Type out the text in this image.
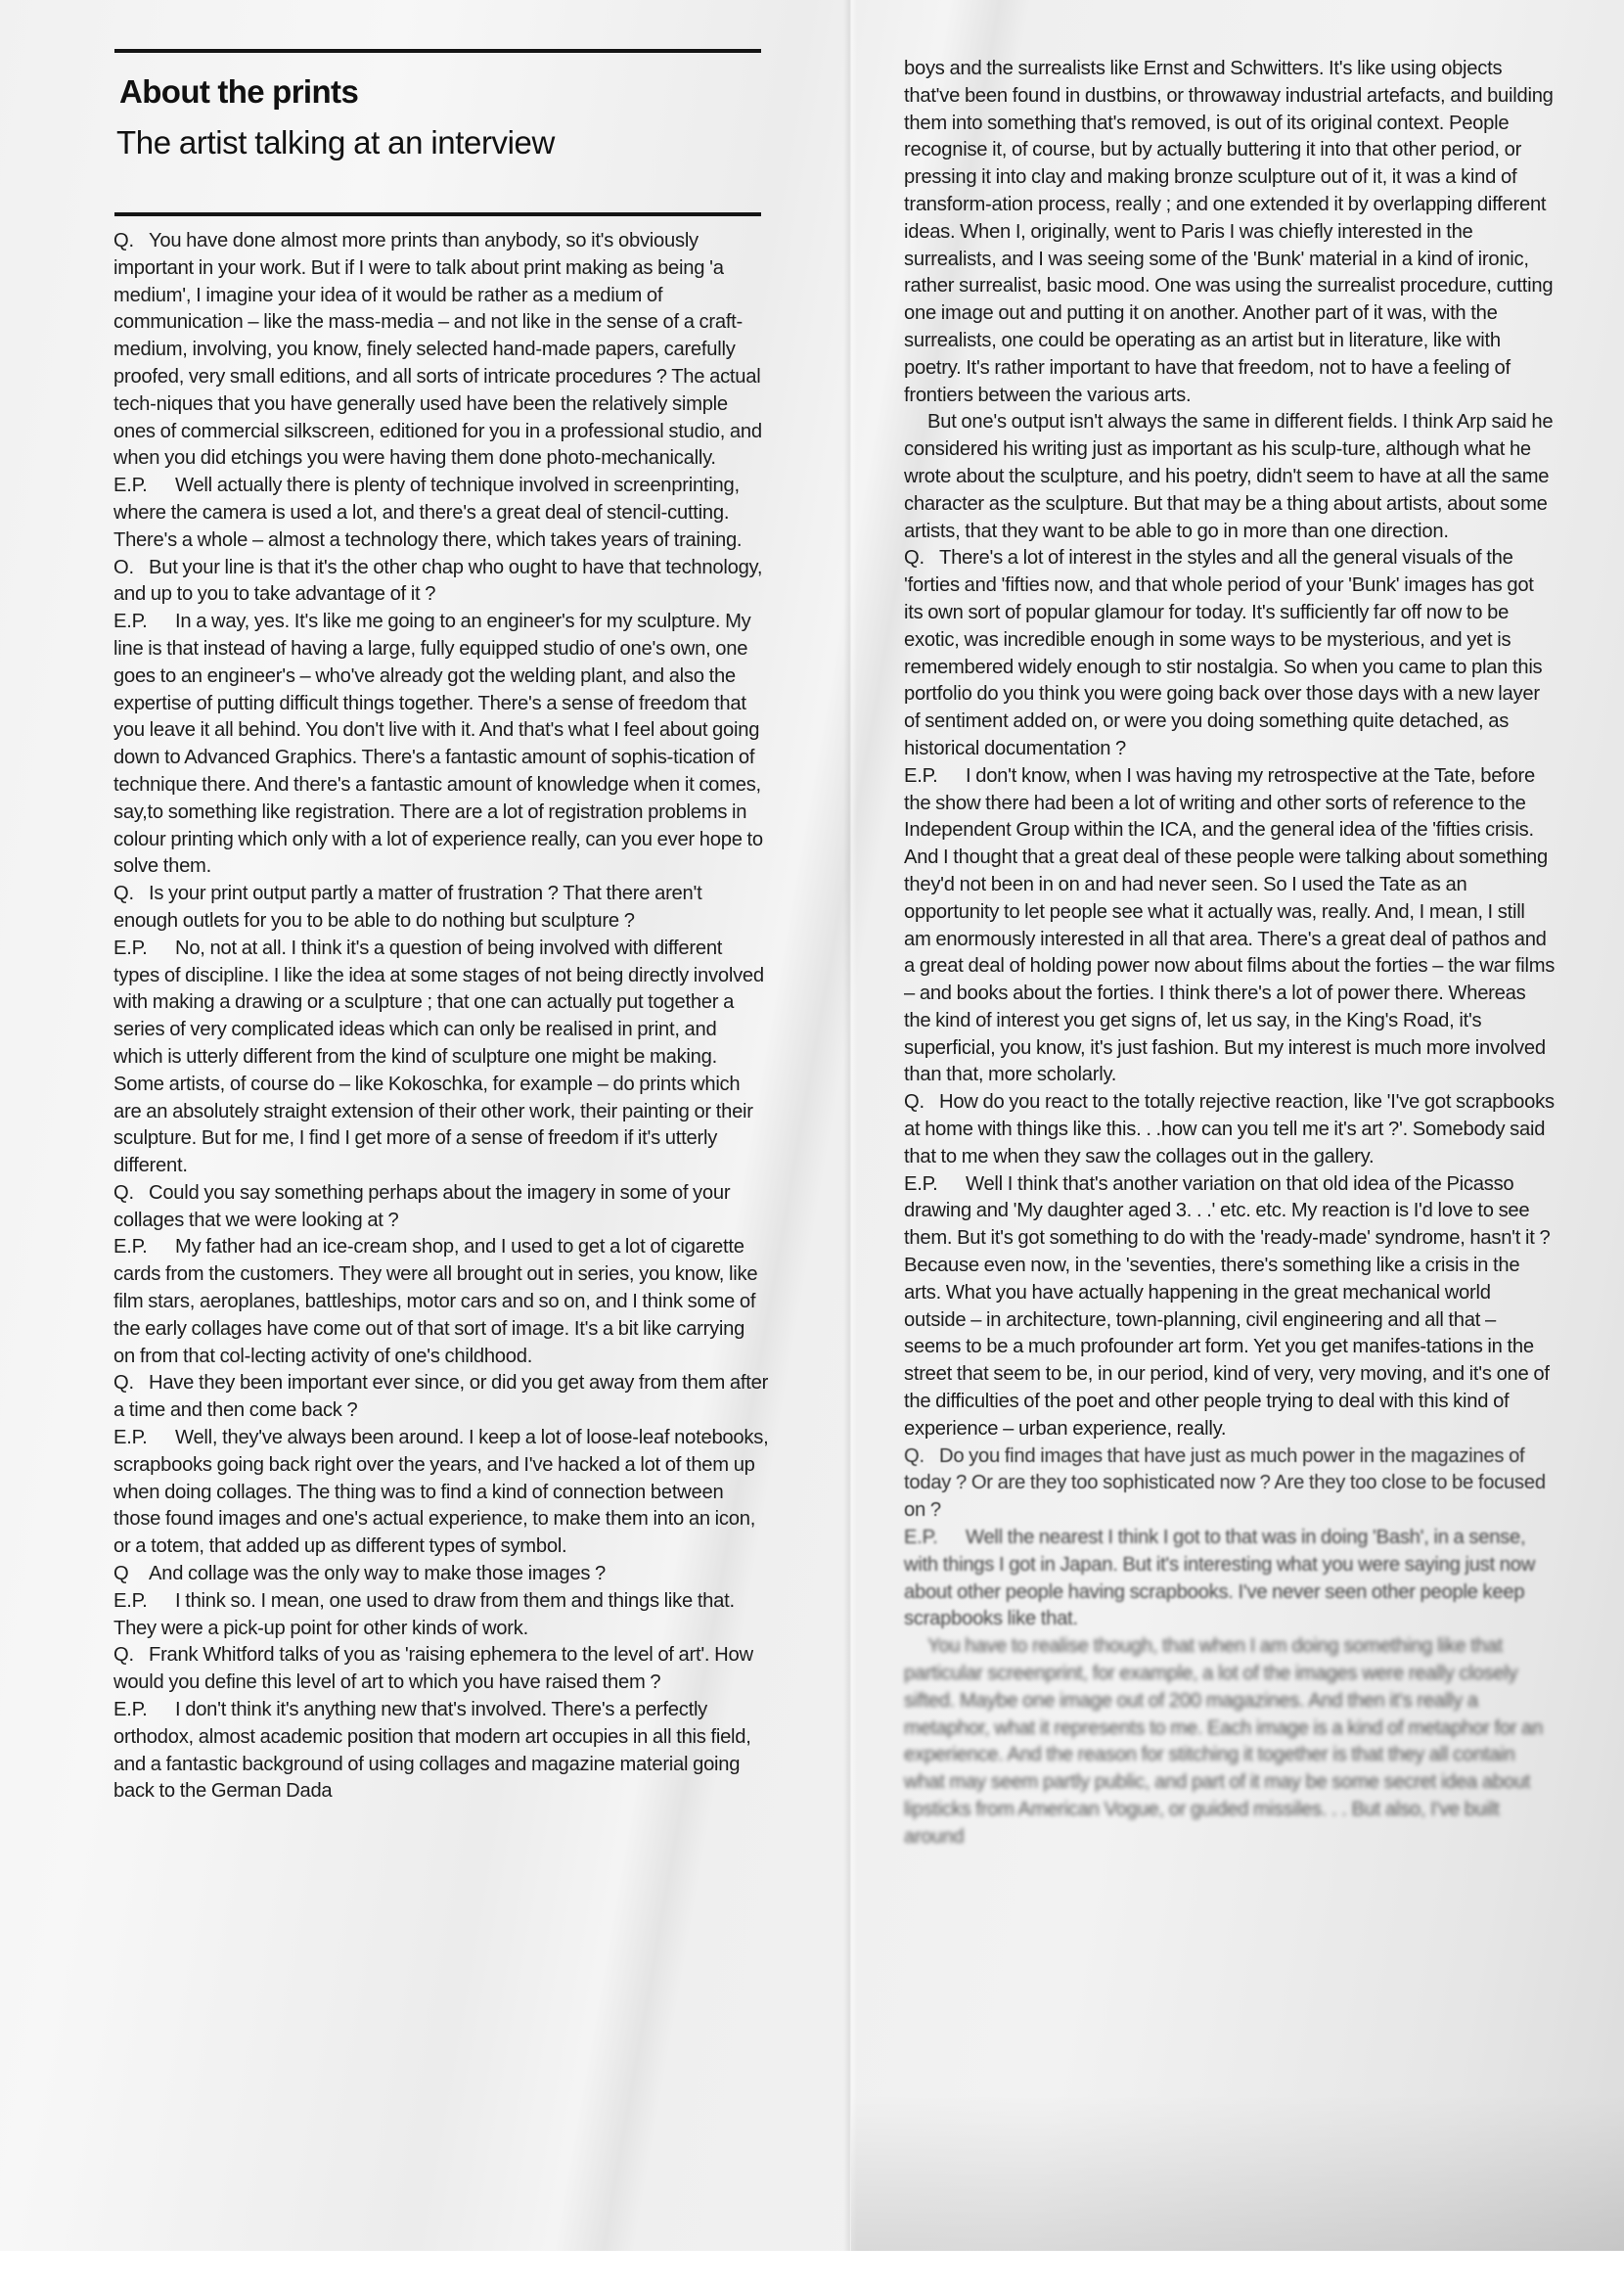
About the prints
The artist talking at an interview

Q. You have done almost more prints than anybody, so it's obviously important in your work. But if I were to talk about print making as being 'a medium', I imagine your idea of it would be rather as a medium of communication – like the mass-media – and not like in the sense of a craft-medium, involving, you know, finely selected hand-made papers, carefully proofed, very small editions, and all sorts of intricate procedures ? The actual tech-niques that you have generally used have been the relatively simple ones of commercial silkscreen, editioned for you in a professional studio, and when you did etchings you were having them done photo-mechanically.

E.P. Well actually there is plenty of technique involved in screenprinting, where the camera is used a lot, and there's a great deal of stencil-cutting. There's a whole – almost a technology there, which takes years of training.

O. But your line is that it's the other chap who ought to have that technology, and up to you to take advantage of it ?

E.P. In a way, yes. It's like me going to an engineer's for my sculpture. My line is that instead of having a large, fully equipped studio of one's own, one goes to an engineer's – who've already got the welding plant, and also the expertise of putting difficult things together. There's a sense of freedom that you leave it all behind. You don't live with it. And that's what I feel about going down to Advanced Graphics. There's a fantastic amount of sophis-tication of technique there. And there's a fantastic amount of knowledge when it comes, say,to something like registration. There are a lot of registration problems in colour printing which only with a lot of experience really, can you ever hope to solve them.

Q. Is your print output partly a matter of frustration ? That there aren't enough outlets for you to be able to do nothing but sculpture ?

E.P. No, not at all. I think it's a question of being involved with different types of discipline. I like the idea at some stages of not being directly involved with making a drawing or a sculpture ; that one can actually put together a series of very complicated ideas which can only be realised in print, and which is utterly different from the kind of sculpture one might be making. Some artists, of course do – like Kokoschka, for example – do prints which are an absolutely straight extension of their other work, their painting or their sculpture. But for me, I find I get more of a sense of freedom if it's utterly different.

Q. Could you say something perhaps about the imagery in some of your collages that we were looking at ?

E.P. My father had an ice-cream shop, and I used to get a lot of cigarette cards from the customers. They were all brought out in series, you know, like film stars, aeroplanes, battleships, motor cars and so on, and I think some of the early collages have come out of that sort of image. It's a bit like carrying on from that col-lecting activity of one's childhood.

Q. Have they been important ever since, or did you get away from them after a time and then come back ?

E.P. Well, they've always been around. I keep a lot of loose-leaf notebooks, scrapbooks going back right over the years, and I've hacked a lot of them up when doing collages. The thing was to find a kind of connection between those found images and one's actual experience, to make them into an icon, or a totem, that added up as different types of symbol.

Q And collage was the only way to make those images ?

E.P. I think so. I mean, one used to draw from them and things like that. They were a pick-up point for other kinds of work.

Q. Frank Whitford talks of you as 'raising ephemera to the level of art'. How would you define this level of art to which you have raised them ?

E.P. I don't think it's anything new that's involved. There's a perfectly orthodox, almost academic position that modern art occupies in all this field, and a fantastic background of using collages and magazine material going back to the German Dada

boys and the surrealists like Ernst and Schwitters. It's like using objects that've been found in dustbins, or throwaway industrial artefacts, and building them into something that's removed, is out of its original context. People recognise it, of course, but by actually buttering it into that other period, or pressing it into clay and making bronze sculpture out of it, it was a kind of transform-ation process, really ; and one extended it by overlapping different ideas. When I, originally, went to Paris I was chiefly interested in the surrealists, and I was seeing some of the 'Bunk' material in a kind of ironic, rather surrealist, basic mood. One was using the surrealist procedure, cutting one image out and putting it on another. Another part of it was, with the surrealists, one could be operating as an artist but in literature, like with poetry. It's rather important to have that freedom, not to have a feeling of frontiers between the various arts.

But one's output isn't always the same in different fields. I think Arp said he considered his writing just as important as his sculp-ture, although what he wrote about the sculpture, and his poetry, didn't seem to have at all the same character as the sculpture. But that may be a thing about artists, about some artists, that they want to be able to go in more than one direction.

Q. There's a lot of interest in the styles and all the general visuals of the 'forties and 'fifties now, and that whole period of your 'Bunk' images has got its own sort of popular glamour for today. It's sufficiently far off now to be exotic, was incredible enough in some ways to be mysterious, and yet is remembered widely enough to stir nostalgia. So when you came to plan this portfolio do you think you were going back over those days with a new layer of sentiment added on, or were you doing something quite detached, as historical documentation ?

E.P. I don't know, when I was having my retrospective at the Tate, before the show there had been a lot of writing and other sorts of reference to the Independent Group within the ICA, and the general idea of the 'fifties crisis. And I thought that a great deal of these people were talking about something they'd not been in on and had never seen. So I used the Tate as an opportunity to let people see what it actually was, really. And, I mean, I still am enormously interested in all that area. There's a great deal of pathos and a great deal of holding power now about films about the forties – the war films – and books about the forties. I think there's a lot of power there. Whereas the kind of interest you get signs of, let us say, in the King's Road, it's superficial, you know, it's just fashion. But my interest is much more involved than that, more scholarly.

Q. How do you react to the totally rejective reaction, like 'I've got scrapbooks at home with things like this. . .how can you tell me it's art ?'. Somebody said that to me when they saw the collages out in the gallery.

E.P. Well I think that's another variation on that old idea of the Picasso drawing and 'My daughter aged 3. . .' etc. etc. My reaction is I'd love to see them. But it's got something to do with the 'ready-made' syndrome, hasn't it ? Because even now, in the 'seventies, there's something like a crisis in the arts. What you have actually happening in the great mechanical world outside – in architecture, town-planning, civil engineering and all that – seems to be a much profounder art form. Yet you get manifes-tations in the street that seem to be, in our period, kind of very, very moving, and it's one of the difficulties of the poet and other people trying to deal with this kind of experience – urban experience, really.

Q. Do you find images that have just as much power in the magazines of today ? Or are they too sophisticated now ? Are they too close to be focused on ?

E.P. Well the nearest I think I got to that was in doing 'Bash', in a sense, with things I got in Japan. But it's interesting what you were saying just now about other people having scrapbooks. I've never seen other people keep scrapbooks like that.

You have to realise though, that when I am doing something like that particular screenprint, for example, a lot of the images were really closely sifted. Maybe one image out of 200 magazines. And then it's really a metaphor, what it represents to me. Each image is a kind of metaphor for an experience. And the reason for stitching it together is that they all contain what may seem partly public, and part of it may be some secret idea about lipsticks from American Vogue, or guided missiles. . . But also, I've built around
